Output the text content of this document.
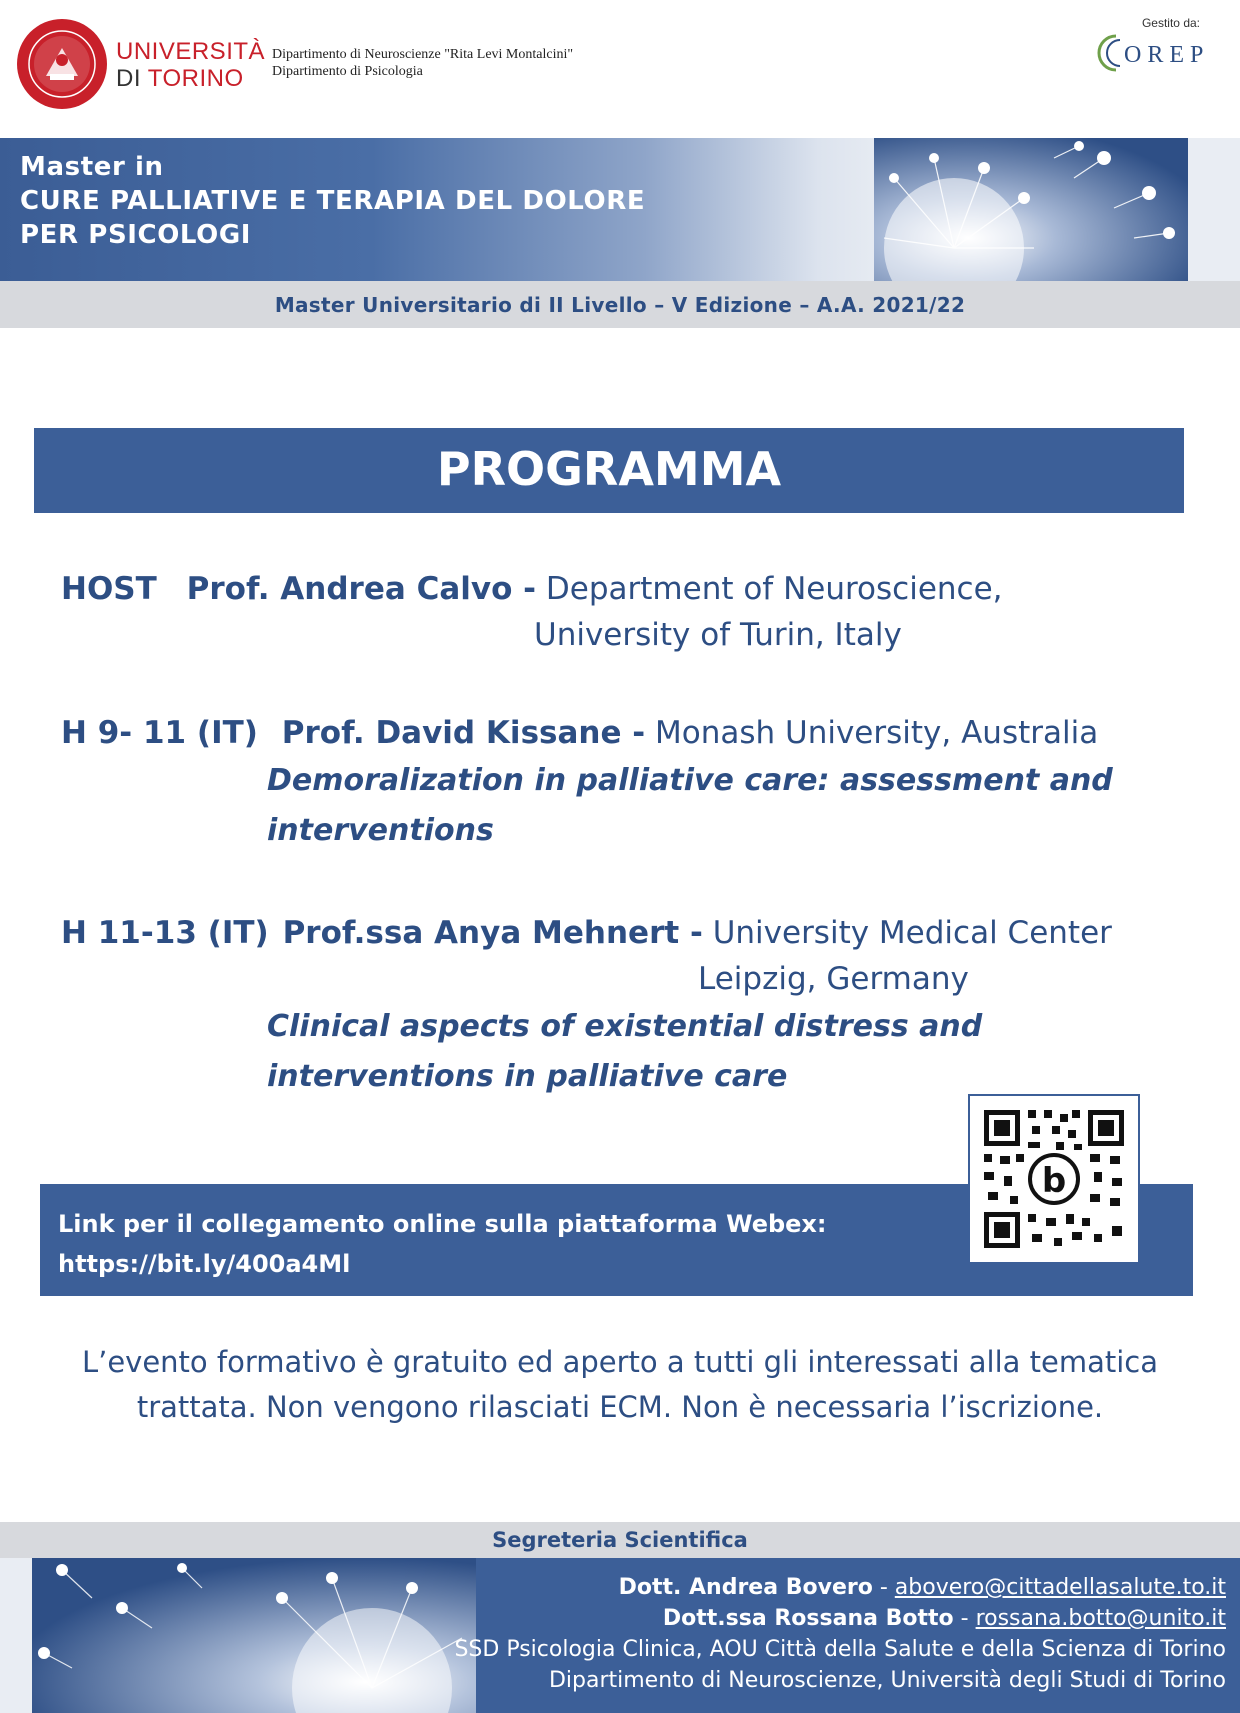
UNIVERSITÀ
DI TORINO
Dipartimento di Neuroscienze "Rita Levi Montalcini"
Dipartimento di Psicologia
Gestito da:
OREP
Master in
CURE PALLIATIVE E TERAPIA DEL DOLORE
PER PSICOLOGI
Master Universitario di II Livello – V Edizione – A.A. 2021/22
PROGRAMMA
HOST Prof. Andrea Calvo - Department of Neuroscience,
University of Turin, Italy
H 9- 11 (IT) Prof. David Kissane - Monash University, Australia
Demoralization in palliative care: assessment and
interventions
H 11-13 (IT) Prof.ssa Anya Mehnert - University Medical Center
Leipzig, Germany
Clinical aspects of existential distress and
interventions in palliative care
Link per il collegamento online sulla piattaforma Webex:
https://bit.ly/400a4Ml
b
L’evento formativo è gratuito ed aperto a tutti gli interessati alla tematica trattata. Non vengono rilasciati ECM. Non è necessaria l’iscrizione.
Segreteria Scientifica
Dott. Andrea Bovero - abovero@cittadellasalute.to.it
Dott.ssa Rossana Botto - rossana.botto@unito.it
SSD Psicologia Clinica, AOU Città della Salute e della Scienza di Torino
Dipartimento di Neuroscienze, Università degli Studi di Torino
